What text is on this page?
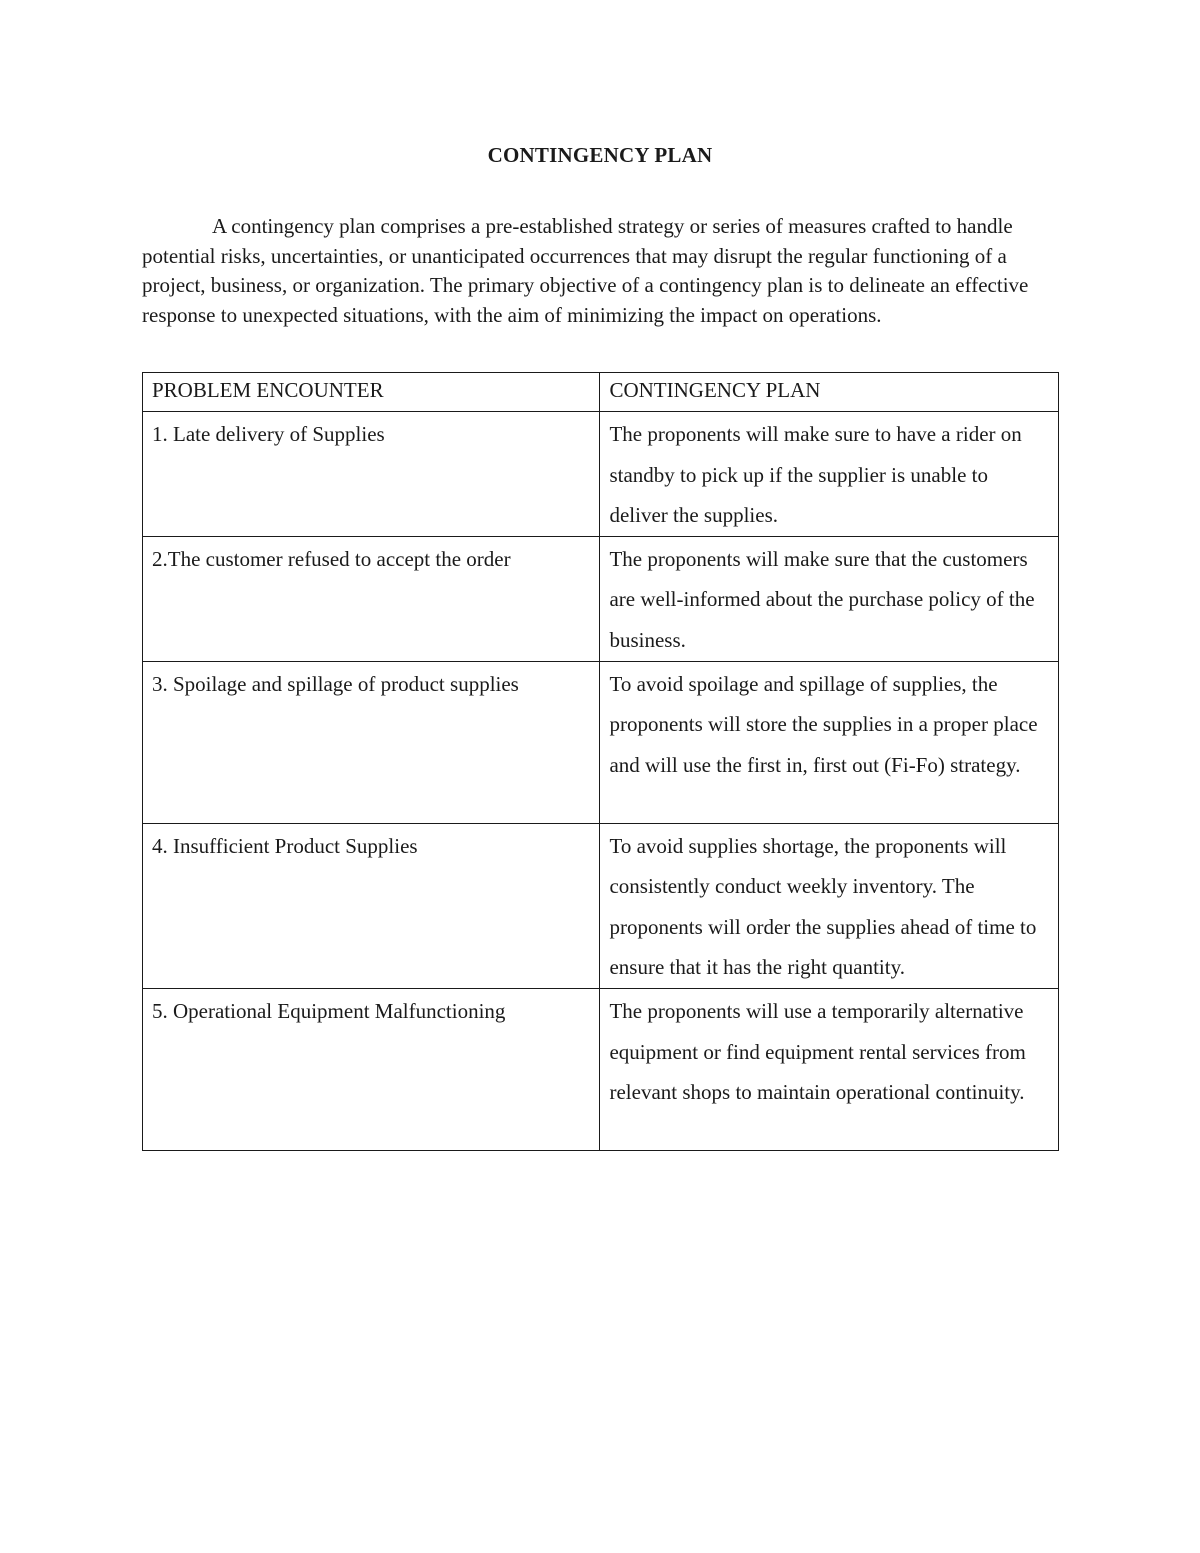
CONTINGENCY PLAN

A contingency plan comprises a pre-established strategy or series of measures crafted to handle potential risks, uncertainties, or unanticipated occurrences that may disrupt the regular functioning of a project, business, or organization. The primary objective of a contingency plan is to delineate an effective response to unexpected situations, with the aim of minimizing the impact on operations.

PROBLEM ENCOUNTER	CONTINGENCY PLAN
1. Late delivery of Supplies	The proponents will make sure to have a rider on standby to pick up if the supplier is unable to deliver the supplies.
2.The customer refused to accept the order	The proponents will make sure that the customers are well-informed about the purchase policy of the business.
3. Spoilage and spillage of product supplies	To avoid spoilage and spillage of supplies, the proponents will store the supplies in a proper place and will use the first in, first out (Fi-Fo) strategy.
4. Insufficient Product Supplies	To avoid supplies shortage, the proponents will consistently conduct weekly inventory. The proponents will order the supplies ahead of time to ensure that it has the right quantity.
5. Operational Equipment Malfunctioning	The proponents will use a temporarily alternative equipment or find equipment rental services from relevant shops to maintain operational continuity.
